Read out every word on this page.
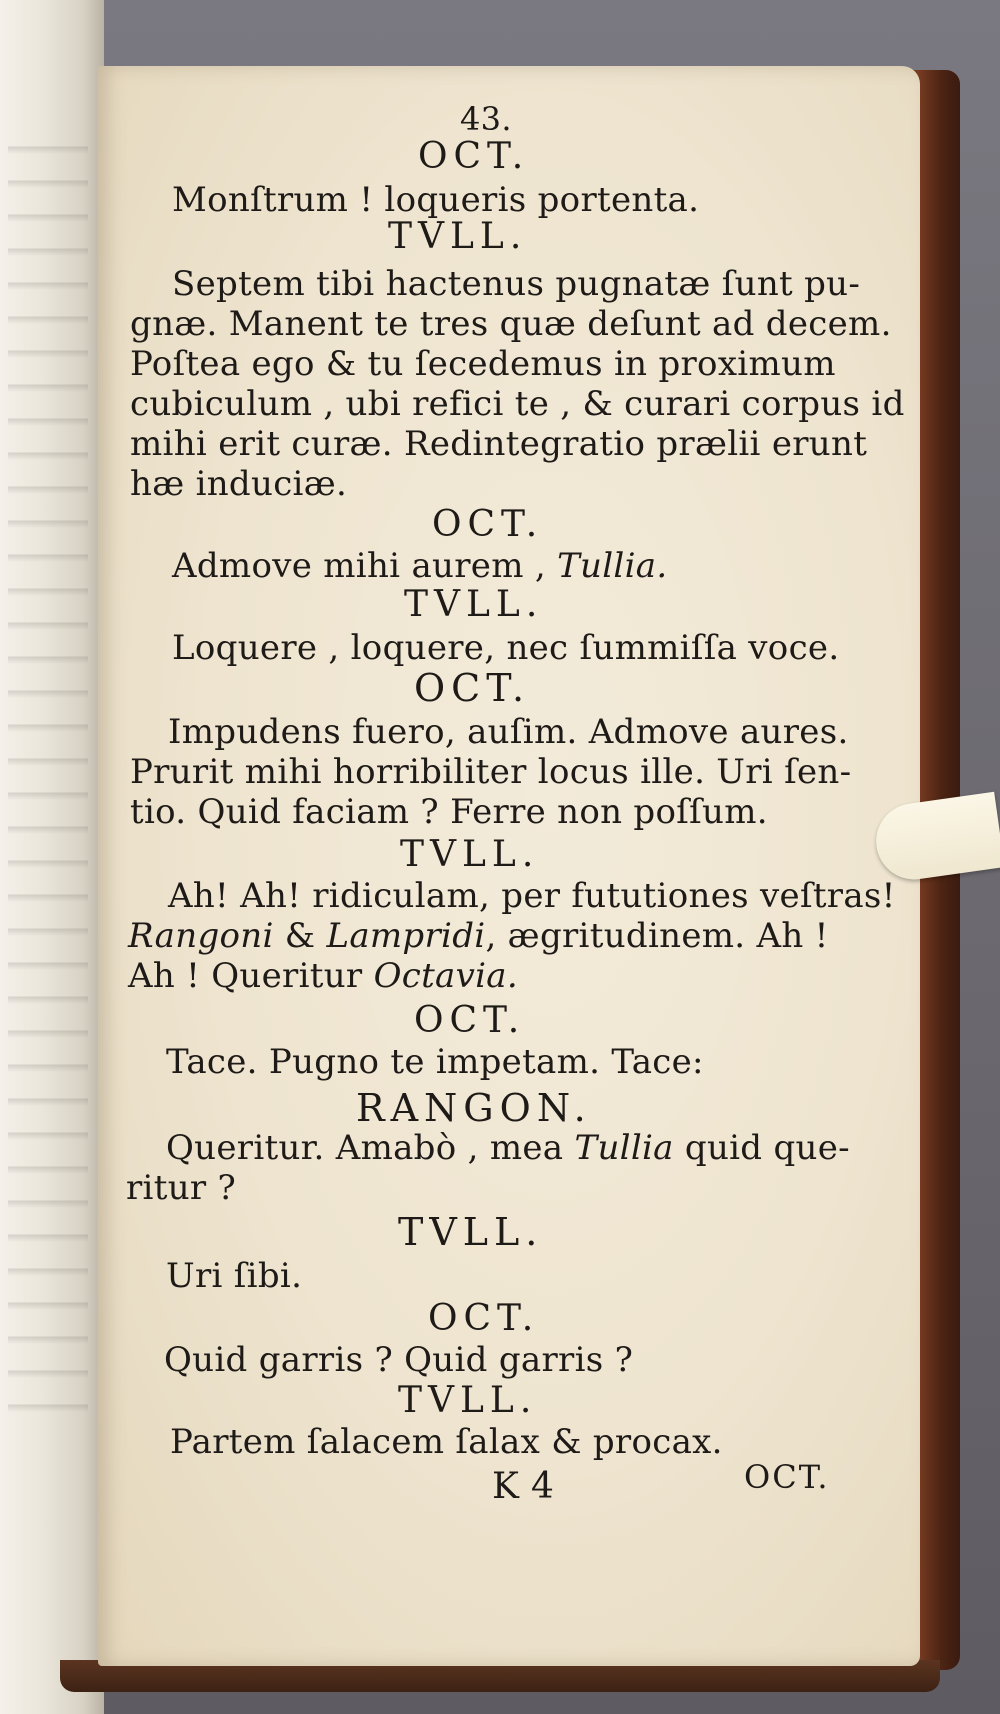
43.
OCT.
Monſtrum ! loqueris portenta.
TVLL.
Septem tibi hactenus pugnatæ ſunt pu-
gnæ. Manent te tres quæ deſunt ad decem.
Poſtea ego & tu ſecedemus in proximum
cubiculum , ubi refici te , & curari corpus id
mihi erit curæ. Redintegratio prælii erunt
hæ induciæ.
OCT.
Admove mihi aurem , Tullia.
TVLL.
Loquere , loquere, nec ſummiſſa voce.
OCT.
Impudens fuero, auſim. Admove aures.
Prurit mihi horribiliter locus ille. Uri ſen-
tio. Quid faciam ? Ferre non poſſum.
TVLL.
Ah! Ah! ridiculam, per fututiones veſtras!
Rangoni & Lampridi, ægritudinem. Ah !
Ah ! Queritur Octavia.
OCT.
Tace. Pugno te impetam. Tace:
RANGON.
Queritur. Amabò , mea Tullia quid que-
ritur ?
TVLL.
Uri ſibi.
OCT.
Quid garris ? Quid garris ?
TVLL.
Partem ſalacem ſalax & procax.
K 4	OCT.
